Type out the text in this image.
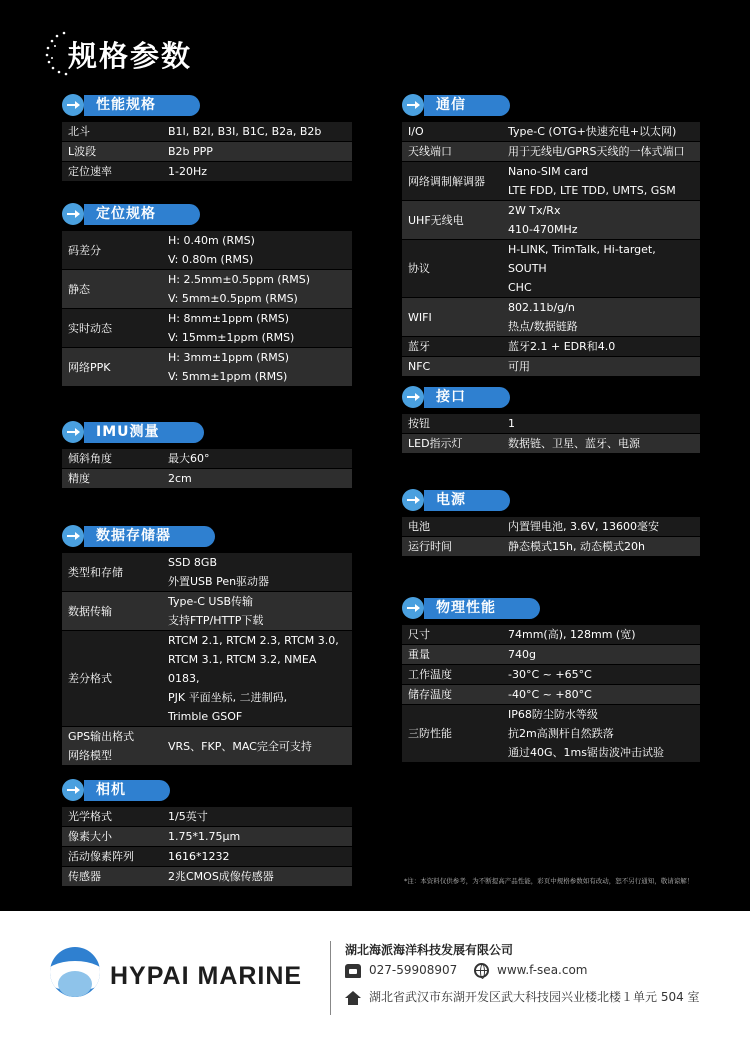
规格参数
性能规格
北斗	B1I, B2I, B3I, B1C, B2a, B2b
L波段	B2b PPP
定位速率	1-20Hz
定位规格
码差分	H: 0.40m (RMS)
V: 0.80m (RMS)

静态	H: 2.5mm±0.5ppm (RMS)
V: 5mm±0.5ppm (RMS)

实时动态	H: 8mm±1ppm (RMS)
V: 15mm±1ppm (RMS)

网络PPK	H: 3mm±1ppm (RMS)
V: 5mm±1ppm (RMS)
IMU测量
倾斜角度	最大60°
精度	2cm
数据存储器
类型和存储	SSD 8GB
外置USB Pen驱动器

数据传输	Type-C USB传输
支持FTP/HTTP下载

差分格式	RTCM 2.1, RTCM 2.3, RTCM 3.0,
RTCM 3.1, RTCM 3.2, NMEA 0183,
PJK 平面坐标, 二进制码,
Trimble GSOF

GPS输出格式
网络模型	VRS、FKP、MAC完全可支持
相机
光学格式	1/5英寸
像素大小	1.75*1.75μm
活动像素阵列	1616*1232
传感器	2兆CMOS成像传感器
通信
I/O	Type-C (OTG+快速充电+以太网)
天线端口	用于无线电/GPRS天线的一体式端口
网络调制解调器	Nano-SIM card
LTE FDD, LTE TDD, UMTS, GSM

UHF无线电	2W Tx/Rx
410-470MHz

协议	H-LINK, TrimTalk, Hi-target, SOUTH
CHC

WIFI	802.11b/g/n
热点/数据链路

蓝牙	蓝牙2.1 + EDR和4.0
NFC	可用
接口
按钮	1
LED指示灯	数据链、卫星、蓝牙、电源
电源
电池	内置锂电池, 3.6V, 13600毫安
运行时间	静态模式15h, 动态模式20h
物理性能
尺寸	74mm(高), 128mm (宽)
重量	740g
工作温度	-30°C ~ +65°C
储存温度	-40°C ~ +80°C
三防性能	IP68防尘防水等级
抗2m高测杆自然跌落
通过40G、1ms锯齿波冲击试验
*注：本资料仅供参考，为不断提高产品性能，彩页中规格参数如有改动，恕不另行通知，敬请谅解！
HYPAI MARINE
湖北海派海洋科技发展有限公司
027-59908907	www.f-sea.com
湖北省武汉市东湖开发区武大科技园兴业楼北楼１单元 504 室
